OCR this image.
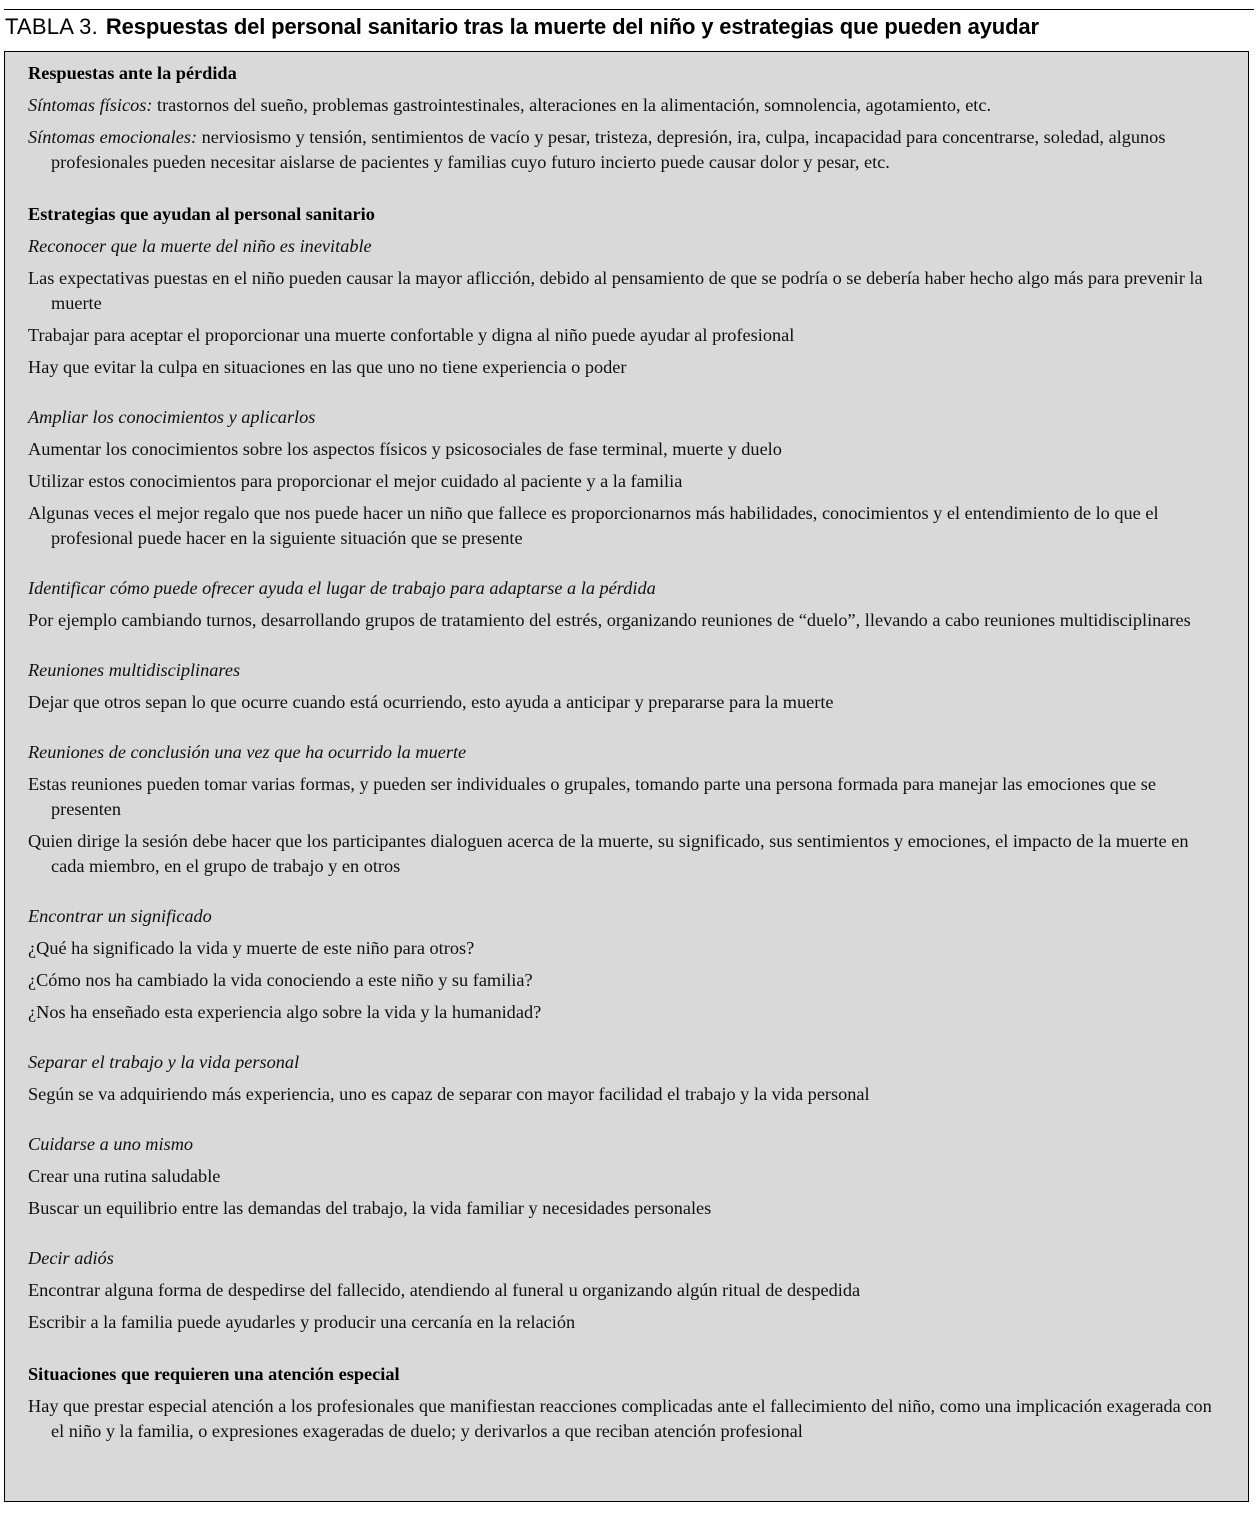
TABLA 3. Respuestas del personal sanitario tras la muerte del niño y estrategias que pueden ayudar
Respuestas ante la pérdida
Síntomas físicos: trastornos del sueño, problemas gastrointestinales, alteraciones en la alimentación, somnolencia, agotamiento, etc.
Síntomas emocionales: nerviosismo y tensión, sentimientos de vacío y pesar, tristeza, depresión, ira, culpa, incapacidad para concentrarse, soledad, algunos profesionales pueden necesitar aislarse de pacientes y familias cuyo futuro incierto puede causar dolor y pesar, etc.
Estrategias que ayudan al personal sanitario
Reconocer que la muerte del niño es inevitable
Las expectativas puestas en el niño pueden causar la mayor aflicción, debido al pensamiento de que se podría o se debería haber hecho algo más para prevenir la muerte
Trabajar para aceptar el proporcionar una muerte confortable y digna al niño puede ayudar al profesional
Hay que evitar la culpa en situaciones en las que uno no tiene experiencia o poder
Ampliar los conocimientos y aplicarlos
Aumentar los conocimientos sobre los aspectos físicos y psicosociales de fase terminal, muerte y duelo
Utilizar estos conocimientos para proporcionar el mejor cuidado al paciente y a la familia
Algunas veces el mejor regalo que nos puede hacer un niño que fallece es proporcionarnos más habilidades, conocimientos y el entendimiento de lo que el profesional puede hacer en la siguiente situación que se presente
Identificar cómo puede ofrecer ayuda el lugar de trabajo para adaptarse a la pérdida
Por ejemplo cambiando turnos, desarrollando grupos de tratamiento del estrés, organizando reuniones de “duelo”, llevando a cabo reuniones multidisciplinares
Reuniones multidisciplinares
Dejar que otros sepan lo que ocurre cuando está ocurriendo, esto ayuda a anticipar y prepararse para la muerte
Reuniones de conclusión una vez que ha ocurrido la muerte
Estas reuniones pueden tomar varias formas, y pueden ser individuales o grupales, tomando parte una persona formada para manejar las emociones que se presenten
Quien dirige la sesión debe hacer que los participantes dialoguen acerca de la muerte, su significado, sus sentimientos y emociones, el impacto de la muerte en cada miembro, en el grupo de trabajo y en otros
Encontrar un significado
¿Qué ha significado la vida y muerte de este niño para otros?
¿Cómo nos ha cambiado la vida conociendo a este niño y su familia?
¿Nos ha enseñado esta experiencia algo sobre la vida y la humanidad?
Separar el trabajo y la vida personal
Según se va adquiriendo más experiencia, uno es capaz de separar con mayor facilidad el trabajo y la vida personal
Cuidarse a uno mismo
Crear una rutina saludable
Buscar un equilibrio entre las demandas del trabajo, la vida familiar y necesidades personales
Decir adiós
Encontrar alguna forma de despedirse del fallecido, atendiendo al funeral u organizando algún ritual de despedida
Escribir a la familia puede ayudarles y producir una cercanía en la relación
Situaciones que requieren una atención especial
Hay que prestar especial atención a los profesionales que manifiestan reacciones complicadas ante el fallecimiento del niño, como una implicación exagerada con el niño y la familia, o expresiones exageradas de duelo; y derivarlos a que reciban atención profesional
